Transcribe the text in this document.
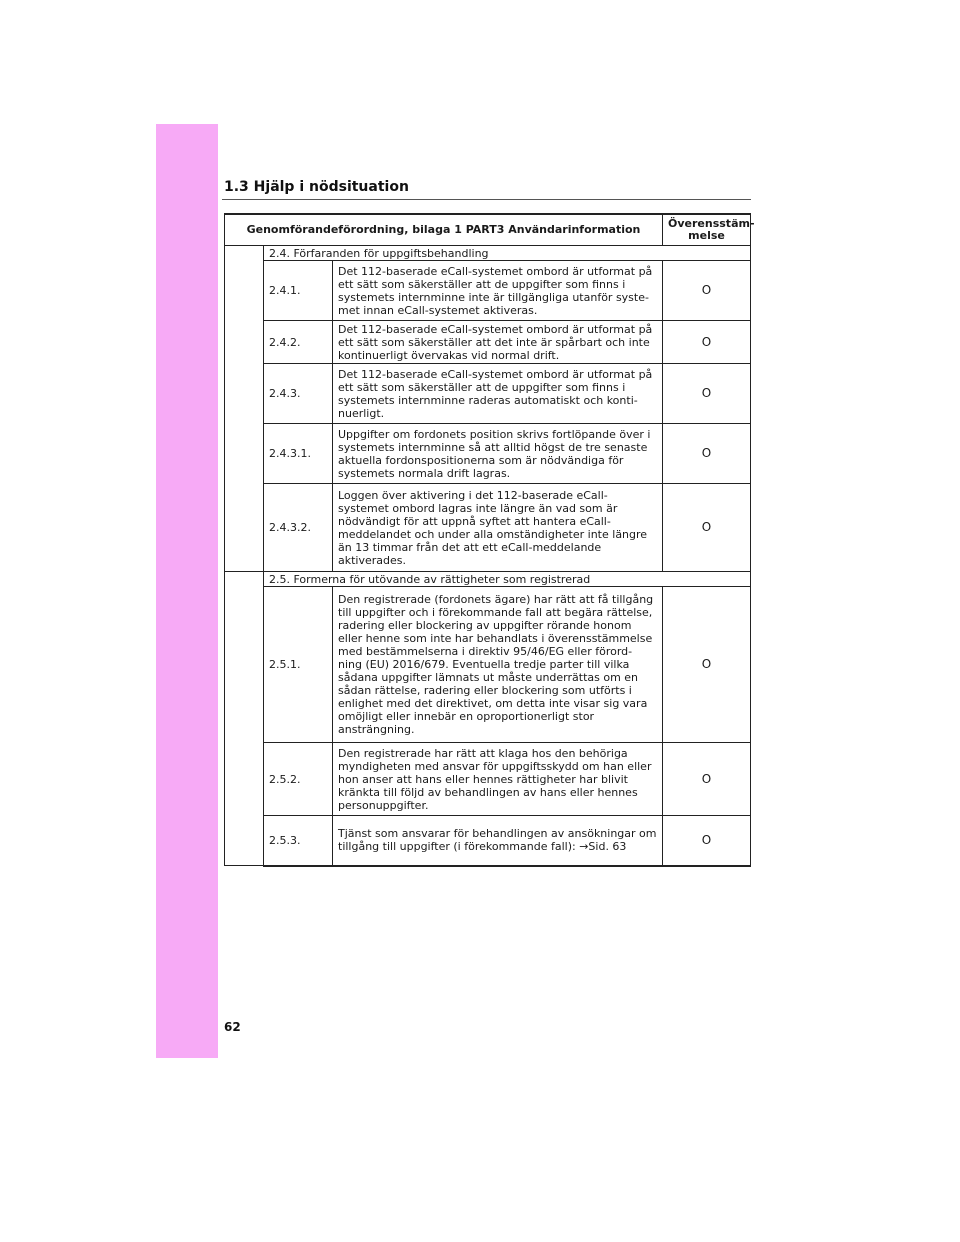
1.3 Hjälp i nödsituation
Genomförandeförordning, bilaga 1 PART3 Användarinformation			Överensstäm- melse
	2.4. Förfaranden för uppgiftsbehandling		
	2.4.1.	Det 112-baserade eCall-systemet ombord är utformat på ett sätt som säkerställer att de uppgifter som finns i systemets internminne inte är tillgängliga utanför syste- met innan eCall-systemet aktiveras.	O
	2.4.2.	Det 112-baserade eCall-systemet ombord är utformat på ett sätt som säkerställer att det inte är spårbart och inte kontinuerligt övervakas vid normal drift.	O
	2.4.3.	Det 112-baserade eCall-systemet ombord är utformat på ett sätt som säkerställer att de uppgifter som finns i systemets internminne raderas automatiskt och konti- nuerligt.	O
	2.4.3.1.	Uppgifter om fordonets position skrivs fortlöpande över i systemets internminne så att alltid högst de tre senaste aktuella fordonspositionerna som är nödvändiga för systemets normala drift lagras.	O
	2.4.3.2.	Loggen över aktivering i det 112-baserade eCall- systemet ombord lagras inte längre än vad som är nödvändigt för att uppnå syftet att hantera eCall- meddelandet och under alla omständigheter inte längre än 13 timmar från det att ett eCall-meddelande aktiverades.	O
	2.5. Formerna för utövande av rättigheter som registrerad		
	2.5.1.	Den registrerade (fordonets ägare) har rätt att få tillgång till uppgifter och i förekommande fall att begära rättelse, radering eller blockering av uppgifter rörande honom eller henne som inte har behandlats i överensstämmelse med bestämmelserna i direktiv 95/46/EG eller förord- ning (EU) 2016/679. Eventuella tredje parter till vilka sådana uppgifter lämnats ut måste underrättas om en sådan rättelse, radering eller blockering som utförts i enlighet med det direktivet, om detta inte visar sig vara omöjligt eller innebär en oproportionerligt stor ansträngning.	O
	2.5.2.	Den registrerade har rätt att klaga hos den behöriga myndigheten med ansvar för uppgiftsskydd om han eller hon anser att hans eller hennes rättigheter har blivit kränkta till följd av behandlingen av hans eller hennes personuppgifter.	O
	2.5.3.	Tjänst som ansvarar för behandlingen av ansökningar om tillgång till uppgifter (i förekommande fall): →Sid. 63	O
62
